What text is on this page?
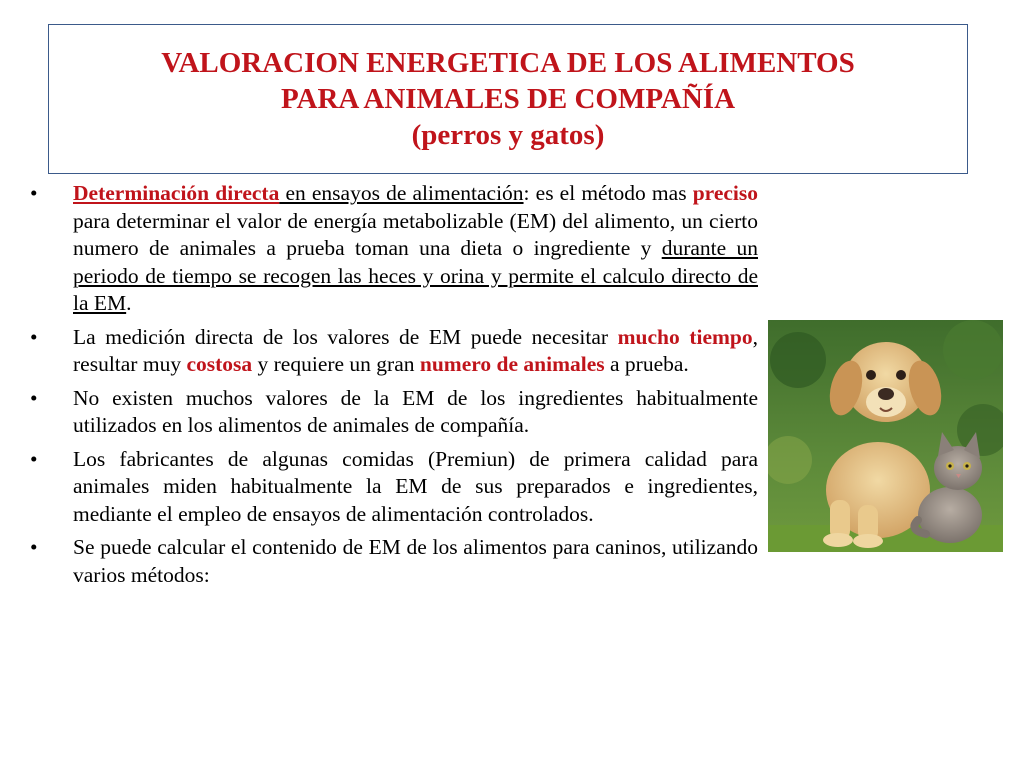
VALORACION ENERGETICA DE LOS ALIMENTOS
PARA ANIMALES DE COMPAÑÍA
(perros y gatos)
•	Determinación directa en ensayos de alimentación: es el método mas preciso para determinar el valor de energía metabolizable (EM) del alimento, un cierto numero de animales a prueba toman una dieta o ingrediente y durante un periodo de tiempo se recogen las heces y orina y permite el calculo directo de la EM.
•	La medición directa de los valores de EM puede necesitar mucho tiempo, resultar muy costosa y requiere un gran numero de animales a prueba.
•	No existen muchos valores de la EM de los ingredientes habitualmente utilizados en los alimentos de animales de compañía.
•	Los fabricantes de algunas comidas (Premiun) de primera calidad para animales miden habitualmente la EM de sus preparados e ingredientes, mediante el empleo de ensayos de alimentación controlados.
•	Se puede calcular el contenido de EM de los alimentos para caninos, utilizando varios métodos:
